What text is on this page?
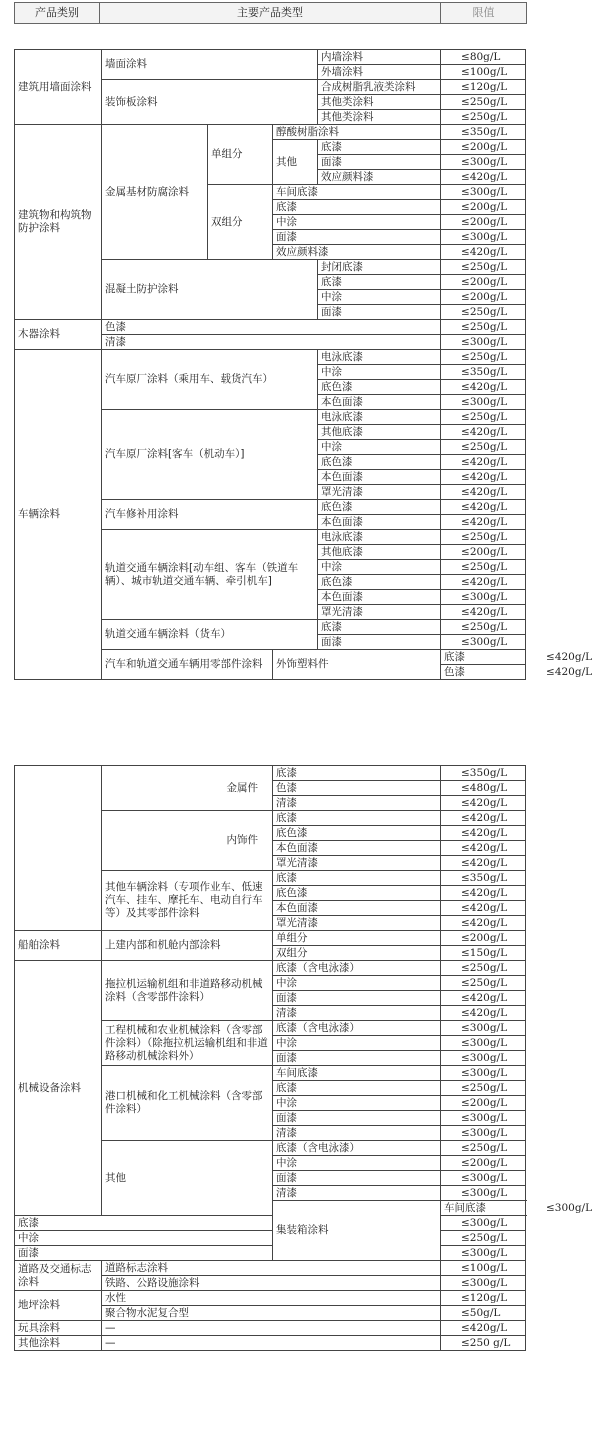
产品类别	主要产品类型	限值
建筑用墙面涂料	墙面涂料			内墙涂料	≤80g/L	
				外墙涂料	≤100g/L	
	装饰板涂料			合成树脂乳液类涂料	≤120g/L	
				其他类涂料	≤250g/L	
				其他类涂料	≤250g/L	
建筑物和构筑物防护涂料	金属基材防腐涂料	单组分	醇酸树脂涂料		≤350g/L	
			其他	底漆	≤200g/L	
				面漆	≤300g/L	
				效应颜料漆	≤420g/L	
		双组分	车间底漆		≤300g/L	
			底漆		≤200g/L	
			中涂		≤200g/L	
			面漆		≤300g/L	
			效应颜料漆		≤420g/L	
	混凝土防护涂料			封闭底漆	≤250g/L	
				底漆	≤200g/L	
				中涂	≤200g/L	
				面漆	≤250g/L	
木器涂料	色漆				≤250g/L	
	清漆				≤300g/L	
车辆涂料	汽车原厂涂料（乘用车、载货汽车）			电泳底漆	≤250g/L	
				中涂	≤350g/L	
				底色漆	≤420g/L	
				本色面漆	≤300g/L	
	汽车原厂涂料[客车（机动车）]			电泳底漆	≤250g/L	
				其他底漆	≤420g/L	
				中涂	≤250g/L	
				底色漆	≤420g/L	
				本色面漆	≤420g/L	
				罩光清漆	≤420g/L	
	汽车修补用涂料			底色漆	≤420g/L	
				本色面漆	≤420g/L	
	轨道交通车辆涂料[动车组、客车（铁道车辆）、城市轨道交通车辆、牵引机车]			电泳底漆	≤250g/L	
				其他底漆	≤200g/L	
				中涂	≤250g/L	
				底色漆	≤420g/L	
				本色面漆	≤300g/L	
				罩光清漆	≤420g/L	
	轨道交通车辆涂料（货车）			底漆	≤250g/L	
				面漆	≤300g/L	
	汽车和轨道交通车辆用零部件涂料		外饰塑料件		底漆	≤420g/L
					色漆	≤420g/L
	金属件	底漆	≤350g/L	
		色漆	≤480g/L	
		清漆	≤420g/L	
	内饰件	底漆	≤420g/L	
		底色漆	≤420g/L	
		本色面漆	≤420g/L	
		罩光清漆	≤420g/L	
	其他车辆涂料（专项作业车、低速汽车、挂车、摩托车、电动自行车等）及其零部件涂料	底漆	≤350g/L	
		底色漆	≤420g/L	
		本色面漆	≤420g/L	
		罩光清漆	≤420g/L	
船舶涂料	上建内部和机舱内部涂料	单组分	≤200g/L	
		双组分	≤150g/L	
机械设备涂料	拖拉机运输机组和非道路移动机械涂料（含零部件涂料）	底漆（含电泳漆）	≤250g/L	
		中涂	≤250g/L	
		面漆	≤420g/L	
		清漆	≤420g/L	
	工程机械和农业机械涂料（含零部件涂料）（除拖拉机运输机组和非道路移动机械涂料外）	底漆（含电泳漆）	≤300g/L	
		中涂	≤300g/L	
		面漆	≤300g/L	
	港口机械和化工机械涂料（含零部件涂料）	车间底漆	≤300g/L	
		底漆	≤250g/L	
		中涂	≤200g/L	
		面漆	≤300g/L	
		清漆	≤300g/L	
	其他	底漆（含电泳漆）	≤250g/L	
		中涂	≤200g/L	
		面漆	≤300g/L	
		清漆	≤300g/L	
		集装箱涂料	车间底漆	≤300g/L
底漆			≤300g/L	
中涂			≤250g/L	
面漆			≤300g/L	
道路及交通标志涂料	道路标志涂料		≤100g/L	
	铁路、公路设施涂料		≤300g/L	
地坪涂料	水性		≤120g/L	
	聚合物水泥复合型		≤50g/L	
玩具涂料	—		≤420g/L	
其他涂料	—		≤250 g/L	
